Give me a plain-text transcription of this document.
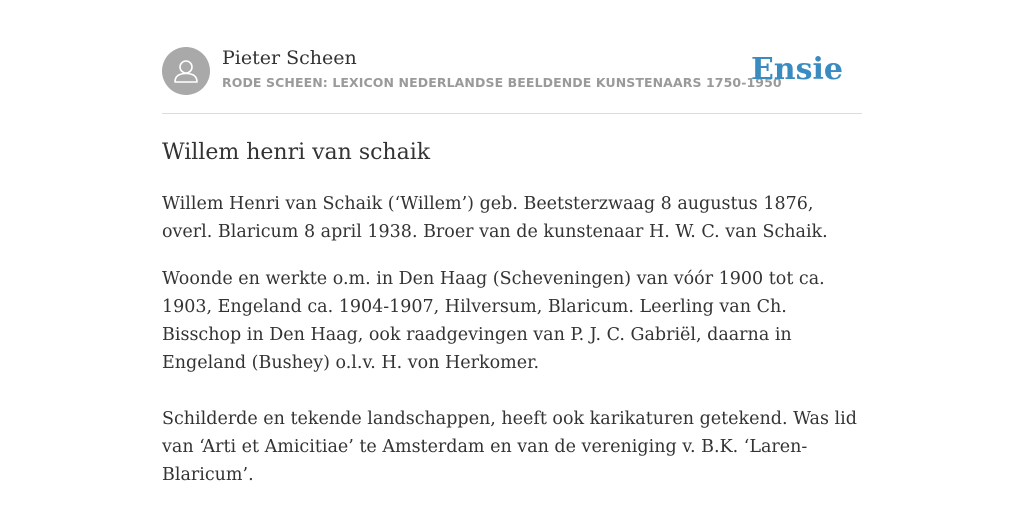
Pieter Scheen
RODE SCHEEN: LEXICON NEDERLANDSE BEELDENDE KUNSTENAARS 1750-1950
Ensie
Willem henri van schaik

Willem Henri van Schaik (‘Willem’) geb. Beetsterzwaag 8 augustus 1876, overl. Blaricum 8 april 1938. Broer van de kunstenaar H. W. C. van Schaik.

Woonde en werkte o.m. in Den Haag (Scheveningen) van vóór 1900 tot ca. 1903, Engeland ca. 1904-1907, Hilversum, Blaricum. Leerling van Ch. Bisschop in Den Haag, ook raadgevingen van P. J. C. Gabriël, daarna in Engeland (Bushey) o.l.v. H. von Herkomer.

Schilderde en tekende landschappen, heeft ook karikaturen getekend. Was lid van ‘Arti et Amicitiae’ te Amsterdam en van de vereniging v. B.K. ‘Laren-Blaricum’.
